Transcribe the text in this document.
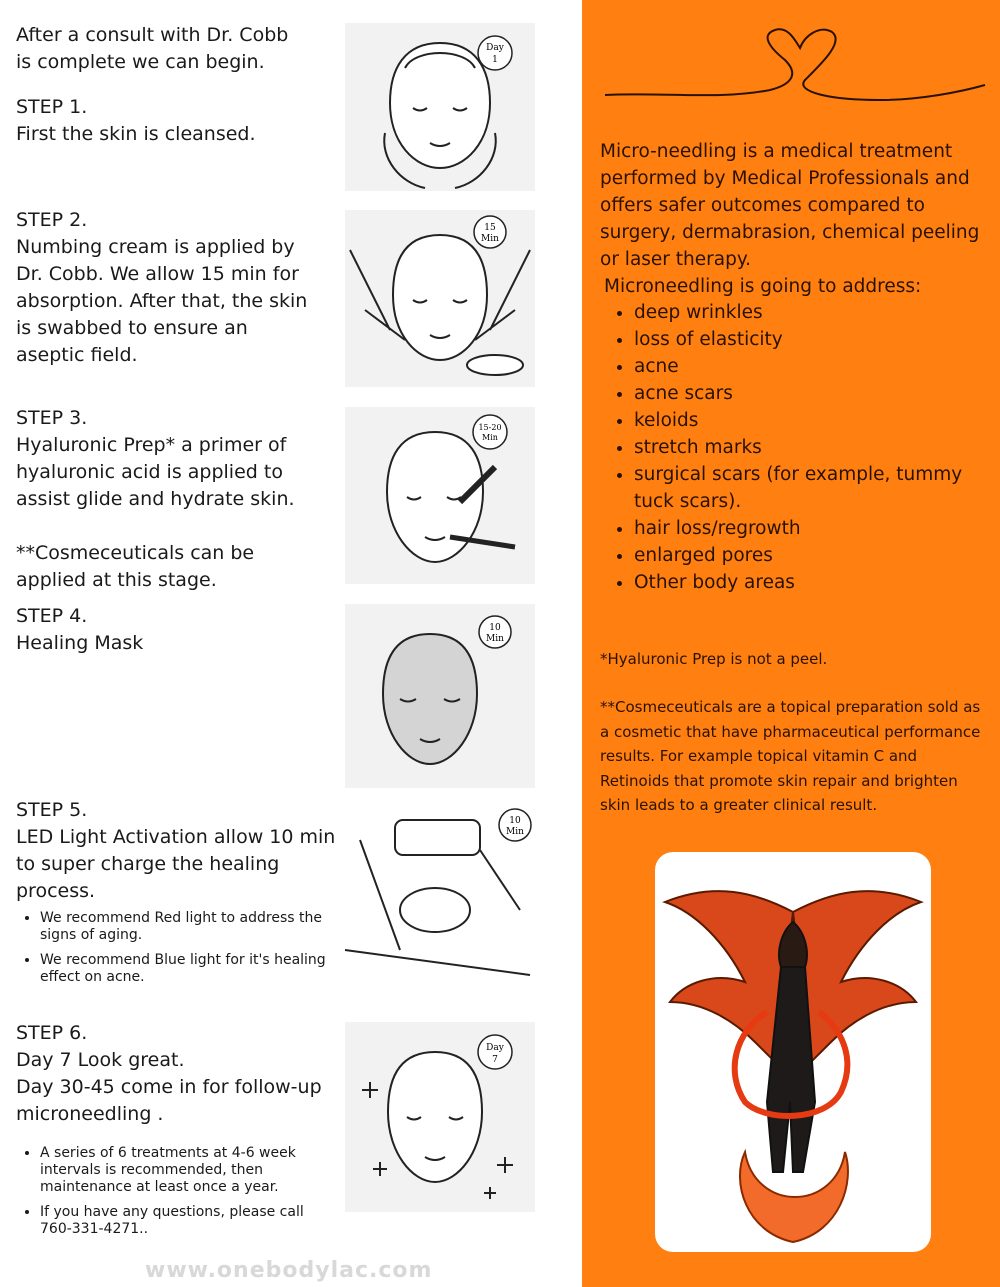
After a consult with Dr. Cobb

is complete we can begin.

STEP 1.

First the skin is cleansed.

STEP 2.

Numbing cream is applied by

Dr. Cobb. We allow 15 min for

absorption. After that, the skin

is swabbed to ensure an

aseptic field.

STEP 3.

Hyaluronic Prep* a primer of

hyaluronic acid is applied to

assist glide and hydrate skin.

**Cosmeceuticals can be

applied at this stage.

STEP 4.

Healing Mask

STEP 5.

LED Light Activation allow 10 min

to super charge the healing

process.

• We recommend Red light to address the signs of aging.
• We recommend Blue light for it's healing effect on acne.

STEP 6.

Day 7 Look great.

Day 30-45 come in for follow-up

microneedling .

• A series of 6 treatments at 4-6 week intervals is recommended, then maintenance at least once a year.
• If you have any questions, please call 760-331-4271..
Day
1
15
Min
15-20
Min
10
Min
10
Min
Day
7
www.onebodylac.com

Micro-needling is a medical treatment performed by Medical Professionals and offers safer outcomes compared to surgery, dermabrasion, chemical peeling or laser therapy.

Microneedling is going to address:

• deep wrinkles
• loss of elasticity
• acne
• acne scars
• keloids
• stretch marks
• surgical scars (for example, tummy tuck scars).
• hair loss/regrowth
• enlarged pores
• Other body areas

*Hyaluronic Prep is not a peel.

**Cosmeceuticals are a topical preparation sold as a cosmetic that have pharmaceutical performance results. For example topical vitamin C and Retinoids that promote skin repair and brighten skin leads to a greater clinical result.
